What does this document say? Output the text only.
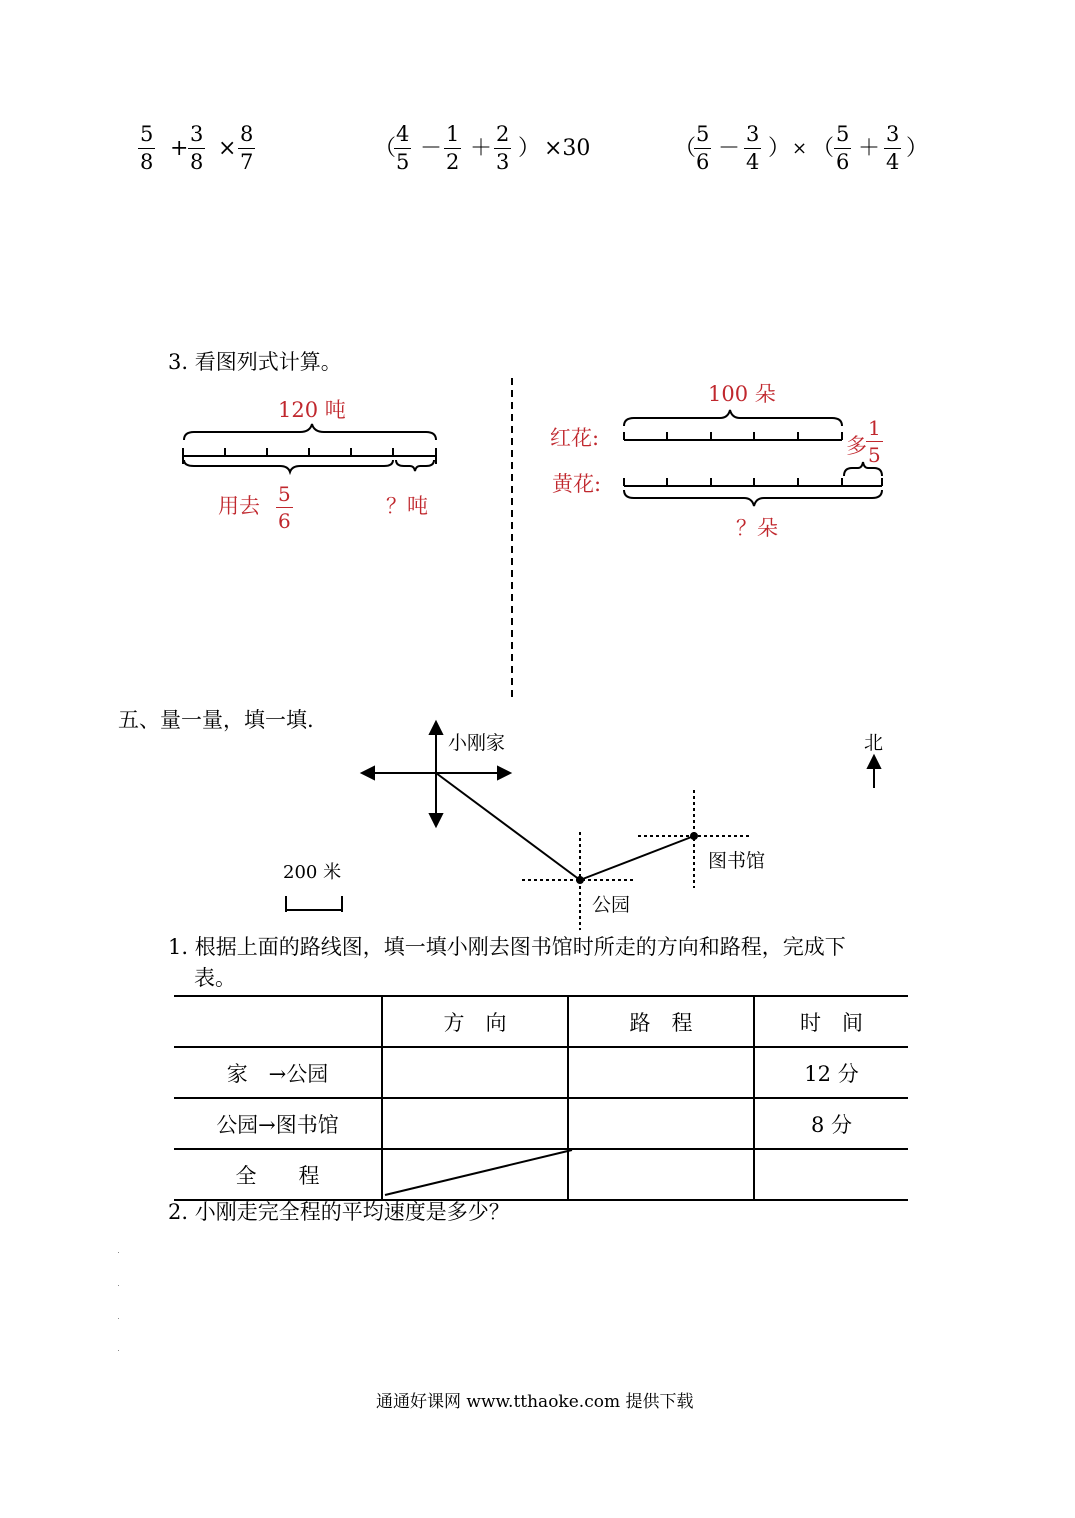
$\frac{5}{8} + \frac{3}{8} \times \frac{8}{7}$	（
$\frac{4}{5} - \frac{1}{2} + \frac{2}{3}$ ） ×30	（
$\frac{5}{6} - \frac{3}{4}$ ） × （ $\frac{5}{6} + \frac{3}{4}$ ）
3. 看图列式计算。
120 吨
用去 $\frac{5}{6}$	？吨
100 朵
红花:
黄花:
多 $\frac{1}{5}$
？朵
五、量一量，填一填.
小刚家	北
图书馆
公园
200 米
1. 根据上面的路线图，填一填小刚去图书馆时所走的方向和路程，完成下
表。
	方　向	路　程	时　间
家　→公园			12 分
公园→图书馆			8 分
全　　程			
2. 小刚走完全程的平均速度是多少？
通通好课网 www.tthaoke.com 提供下载
